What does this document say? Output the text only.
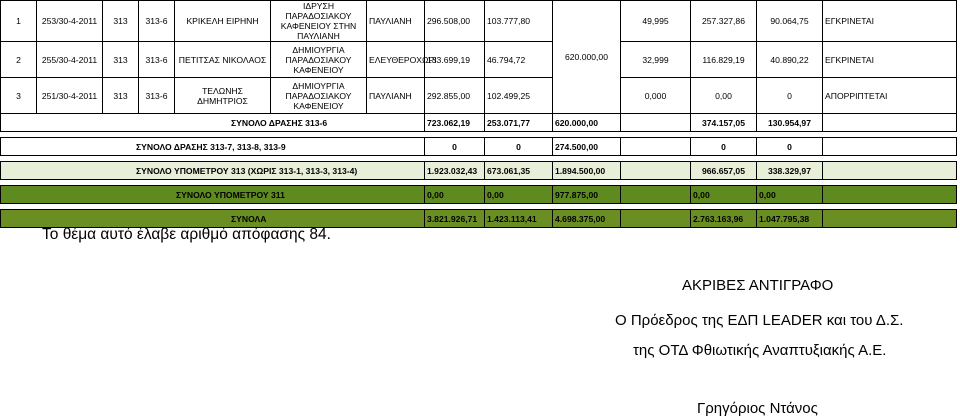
1	253/30-4-2011	313	313-6	ΚΡΙΚΕΛΗ ΕΙΡΗΝΗ	ΙΔΡΥΣΗ ΠΑΡΑΔΟΣΙΑΚΟΥ ΚΑΦΕΝΕΙΟΥ ΣΤΗΝ ΠΑΥΛΙΑΝΗ	ΠΑΥΛΙΑΝΗ	296.508,00	103.777,80	620.000,00	49,995	257.327,86	90.064,75	ΕΓΚΡΙΝΕΤΑΙ
2	255/30-4-2011	313	313-6	ΠΕΤΙΤΣΑΣ ΝΙΚΟΛΑΟΣ	ΔΗΜΙΟΥΡΓΙΑ ΠΑΡΑΔΟΣΙΑΚΟΥ ΚΑΦΕΝΕΙΟΥ	ΕΛΕΥΘΕΡΟΧΩΡΙ	133.699,19	46.794,72		32,999	116.829,19	40.890,22	ΕΓΚΡΙΝΕΤΑΙ
3	251/30-4-2011	313	313-6	ΤΕΛΩΝΗΣ ΔΗΜΗΤΡΙΟΣ	ΔΗΜΙΟΥΡΓΙΑ ΠΑΡΑΔΟΣΙΑΚΟΥ ΚΑΦΕΝΕΙΟΥ	ΠΑΥΛΙΑΝΗ	292.855,00	102.499,25		0,000	0,00	0	ΑΠΟΡΡΙΠΤΕΤΑΙ
ΣΥΝΟΛΟ ΔΡΑΣΗΣ 313-6							723.062,19	253.071,77	620.000,00		374.157,05	130.954,97	

ΣΥΝΟΛΟ ΔΡΑΣΗΣ 313-7, 313-8, 313-9							0	0	274.500,00		0	0	

ΣΥΝΟΛΟ ΥΠΟΜΕΤΡΟΥ 313 (ΧΩΡΙΣ 313-1, 313-3, 313-4)							1.923.032,43	673.061,35	1.894.500,00		966.657,05	338.329,97	

ΣΥΝΟΛΟ ΥΠΟΜΕΤΡΟΥ 311							0,00	0,00	977.875,00		0,00	0,00	

ΣΥΝΟΛΑ							3.821.926,71	1.423.113,41	4.698.375,00		2.763.163,96	1.047.795,38	
Το θέμα αυτό έλαβε αριθμό απόφασης 84.
ΑΚΡΙΒΕΣ ΑΝΤΙΓΡΑΦΟ
Ο Πρόεδρος της ΕΔΠ LEADER και του Δ.Σ.
της ΟΤΔ Φθιωτικής Αναπτυξιακής Α.Ε.
Γρηγόριος Ντάνος
